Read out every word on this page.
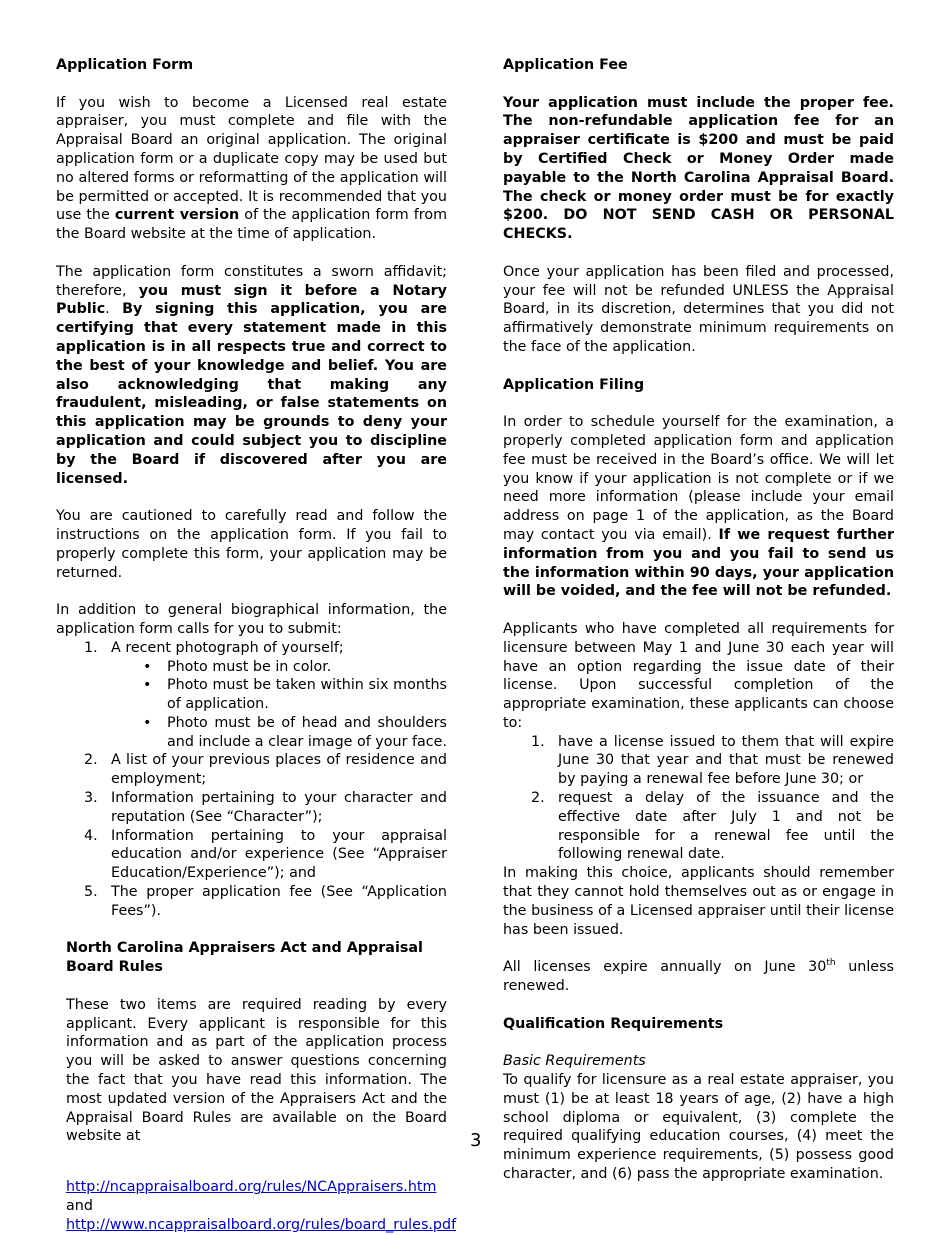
Application Form

If you wish to become a Licensed real estate appraiser, you must complete and file with the Appraisal Board an original application. The original application form or a duplicate copy may be used but no altered forms or reformatting of the application will be permitted or accepted. It is recommended that you use the current version of the application form from the Board website at the time of application.

The application form constitutes a sworn affidavit; therefore, you must sign it before a Notary Public. By signing this application, you are certifying that every statement made in this application is in all respects true and correct to the best of your knowledge and belief. You are also acknowledging that making any fraudulent, misleading, or false statements on this application may be grounds to deny your application and could subject you to discipline by the Board if discovered after you are licensed.

You are cautioned to carefully read and follow the instructions on the application form. If you fail to properly complete this form, your application may be returned.

In addition to general biographical information, the application form calls for you to submit:

1. A recent photograph of yourself;
• Photo must be in color.
• Photo must be taken within six months of application.
• Photo must be of head and shoulders and include a clear image of your face.
2. A list of your previous places of residence and employment;
3. Information pertaining to your character and reputation (See “Character”);
4. Information pertaining to your appraisal education and/or experience (See “Appraiser Education/Experience”); and
5. The proper application fee (See “Application Fees”).
North Carolina Appraisers Act and Appraisal Board Rules

These two items are required reading by every applicant. Every applicant is responsible for this information and as part of the application process you will be asked to answer questions concerning the fact that you have read this information. The most updated version of the Appraisers Act and the Appraisal Board Rules are available on the Board website at

http://ncappraisalboard.org/rules/NCAppraisers.htm
and
http://www.ncappraisalboard.org/rules/board_rules.pdf
Application Fee

Your application must include the proper fee. The non-refundable application fee for an appraiser certificate is $200 and must be paid by Certified Check or Money Order made payable to the North Carolina Appraisal Board. The check or money order must be for exactly $200. DO NOT SEND CASH OR PERSONAL CHECKS.

Once your application has been filed and processed, your fee will not be refunded UNLESS the Appraisal Board, in its discretion, determines that you did not affirmatively demonstrate minimum requirements on the face of the application.

Application Filing

In order to schedule yourself for the examination, a properly completed application form and application fee must be received in the Board’s office. We will let you know if your application is not complete or if we need more information (please include your email address on page 1 of the application, as the Board may contact you via email). If we request further information from you and you fail to send us the information within 90 days, your application will be voided, and the fee will not be refunded.

Applicants who have completed all requirements for licensure between May 1 and June 30 each year will have an option regarding the issue date of their license. Upon successful completion of the appropriate examination, these applicants can choose to:

1. have a license issued to them that will expire June 30 that year and that must be renewed by paying a renewal fee before June 30; or
2. request a delay of the issuance and the effective date after July 1 and not be responsible for a renewal fee until the following renewal date.

In making this choice, applicants should remember that they cannot hold themselves out as or engage in the business of a Licensed appraiser until their license has been issued.

All licenses expire annually on June 30th unless renewed.

Qualification Requirements
Basic Requirements

To qualify for licensure as a real estate appraiser, you must (1) be at least 18 years of age, (2) have a high school diploma or equivalent, (3) complete the required qualifying education courses, (4) meet the minimum experience requirements, (5) possess good character, and (6) pass the appropriate examination.

3
